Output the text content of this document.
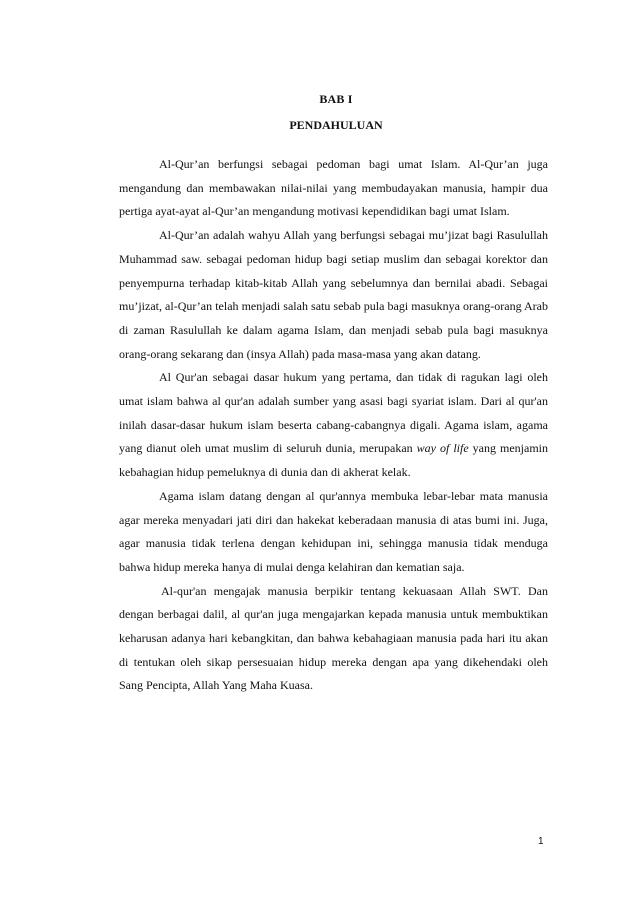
BAB I
PENDAHULUAN

Al-Qur’an berfungsi sebagai pedoman bagi umat Islam. Al-Qur’an juga mengandung dan membawakan nilai-nilai yang membudayakan manusia, hampir dua pertiga ayat-ayat al-Qur’an mengandung motivasi kependidikan bagi umat Islam.

Al-Qur’an adalah wahyu Allah yang berfungsi sebagai mu’jizat bagi Rasulullah Muhammad saw. sebagai pedoman hidup bagi setiap muslim dan sebagai korektor dan penyempurna terhadap kitab-kitab Allah yang sebelumnya dan bernilai abadi. Sebagai mu’jizat, al-Qur’an telah menjadi salah satu sebab pula bagi masuknya orang-orang Arab di zaman Rasulullah ke dalam agama Islam, dan menjadi sebab pula bagi masuknya orang-orang sekarang dan (insya Allah) pada masa-masa yang akan datang.

Al Qur'an sebagai dasar hukum yang pertama, dan tidak di ragukan lagi oleh umat islam bahwa al qur'an adalah sumber yang asasi bagi syariat islam. Dari al qur'an inilah dasar-dasar hukum islam beserta cabang-cabangnya digali. Agama islam, agama yang dianut oleh umat muslim di seluruh dunia, merupakan way of life yang menjamin kebahagian hidup pemeluknya di dunia dan di akherat kelak.

Agama islam datang dengan al qur'annya membuka lebar-lebar mata manusia agar mereka menyadari jati diri dan hakekat keberadaan manusia di atas bumi ini. Juga, agar manusia tidak terlena dengan kehidupan ini, sehingga manusia tidak menduga bahwa hidup mereka hanya di mulai denga kelahiran dan kematian saja.

Al-qur'an mengajak manusia berpikir tentang kekuasaan Allah SWT. Dan dengan berbagai dalil, al qur'an juga mengajarkan kepada manusia untuk membuktikan keharusan adanya hari kebangkitan, dan bahwa kebahagiaan manusia pada hari itu akan di tentukan oleh sikap persesuaian hidup mereka dengan apa yang dikehendaki oleh Sang Pencipta, Allah Yang Maha Kuasa.

1
